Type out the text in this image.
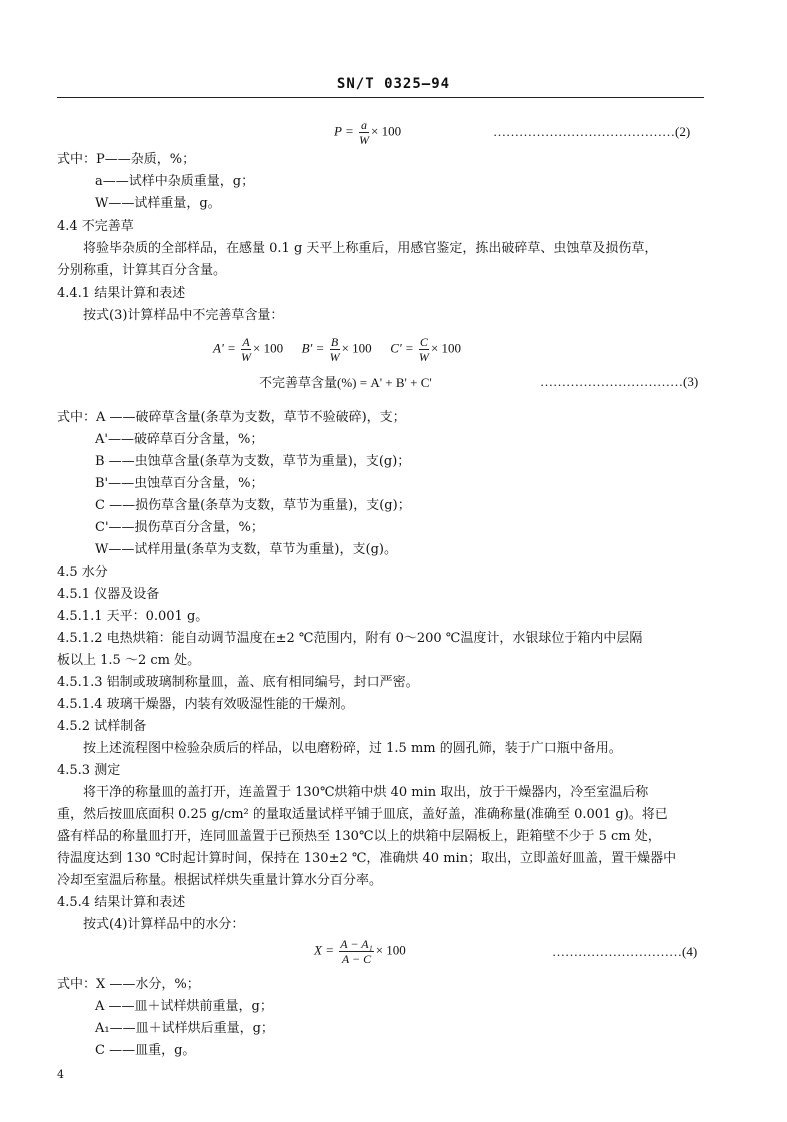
SN/T 0325—94
$P = \frac{a}{W} \times 100$	……………………………………(2)
式中：P——杂质，%；
a——试样中杂质重量，g；
W——试样重量，g。
4.4 不完善草
将验毕杂质的全部样品，在感量 0.1 g 天平上称重后，用感官鉴定，拣出破碎草、虫蚀草及损伤草，
分别称重，计算其百分含量。
4.4.1 结果计算和表述
按式(3)计算样品中不完善草含量：
$A' = \frac{A}{W} \times 100$ $B' = \frac{B}{W} \times 100$ $C' = \frac{C}{W} \times 100$
不完善草含量(%) = A' + B' + C'	……………………………(3)
式中：A ——破碎草含量(条草为支数，草节不验破碎)，支；
A'——破碎草百分含量，%；
B ——虫蚀草含量(条草为支数，草节为重量)，支(g)；
B'——虫蚀草百分含量，%；
C ——损伤草含量(条草为支数，草节为重量)，支(g)；
C'——损伤草百分含量，%；
W——试样用量(条草为支数，草节为重量)，支(g)。
4.5 水分
4.5.1 仪器及设备
4.5.1.1 天平：0.001 g。
4.5.1.2 电热烘箱：能自动调节温度在±2 ℃范围内，附有 0～200 ℃温度计，水银球位于箱内中层隔
板以上 1.5 ～2 cm 处。
4.5.1.3 铝制或玻璃制称量皿，盖、底有相同编号，封口严密。
4.5.1.4 玻璃干燥器，内装有效吸湿性能的干燥剂。
4.5.2 试样制备
按上述流程图中检验杂质后的样品，以电磨粉碎，过 1.5 mm 的圆孔筛，装于广口瓶中备用。
4.5.3 测定
将干净的称量皿的盖打开，连盖置于 130℃烘箱中烘 40 min 取出，放于干燥器内，冷至室温后称
重，然后按皿底面积 0.25 g/cm² 的量取适量试样平铺于皿底，盖好盖，准确称量(准确至 0.001 g)。将已
盛有样品的称量皿打开，连同皿盖置于已预热至 130℃以上的烘箱中层隔板上，距箱壁不少于 5 cm 处，
待温度达到 130 ℃时起计算时间，保持在 130±2 ℃，准确烘 40 min；取出，立即盖好皿盖，置干燥器中
冷却至室温后称量。根据试样烘失重量计算水分百分率。
4.5.4 结果计算和表述
按式(4)计算样品中的水分：
$X = \frac{\text{A − A₁}}{A - C} \times 100$	…………………………(4)
式中：X ——水分，%；
A ——皿＋试样烘前重量，g；
A₁——皿＋试样烘后重量，g；
C ——皿重，g。
4
